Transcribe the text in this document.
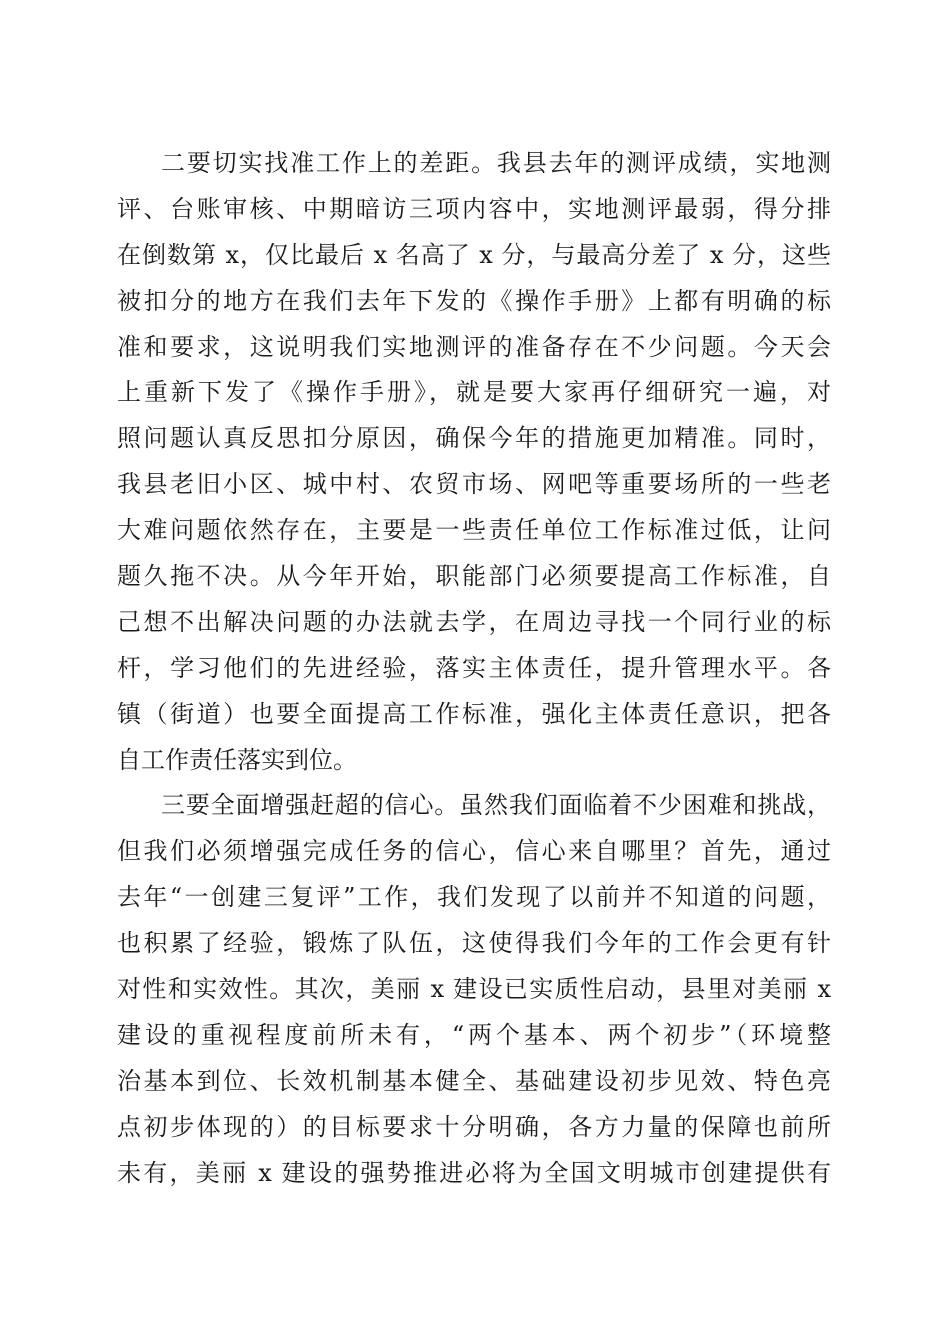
二要切实找准工作上的差距。我县去年的测评成绩，实地测
评、台账审核、中期暗访三项内容中，实地测评最弱，得分排
在倒数第 x，仅比最后 x 名高了 x 分，与最高分差了 x 分，这些
被扣分的地方在我们去年下发的《操作手册》上都有明确的标
准和要求，这说明我们实地测评的准备存在不少问题。今天会
上重新下发了《操作手册》，就是要大家再仔细研究一遍，对
照问题认真反思扣分原因，确保今年的措施更加精准。同时，
我县老旧小区、城中村、农贸市场、网吧等重要场所的一些老
大难问题依然存在，主要是一些责任单位工作标准过低，让问
题久拖不决。从今年开始，职能部门必须要提高工作标准，自
己想不出解决问题的办法就去学，在周边寻找一个同行业的标
杆，学习他们的先进经验，落实主体责任，提升管理水平。各
镇（街道）也要全面提高工作标准，强化主体责任意识，把各
自工作责任落实到位。
三要全面增强赶超的信心。虽然我们面临着不少困难和挑战，
但我们必须增强完成任务的信心，信心来自哪里？首先，通过
去年“一创建三复评”工作，我们发现了以前并不知道的问题，
也积累了经验，锻炼了队伍，这使得我们今年的工作会更有针
对性和实效性。其次，美丽 x 建设已实质性启动，县里对美丽 x
建设的重视程度前所未有，“两个基本、两个初步”（环境整
治基本到位、长效机制基本健全、基础建设初步见效、特色亮
点初步体现的）的目标要求十分明确，各方力量的保障也前所
未有，美丽 x 建设的强势推进必将为全国文明城市创建提供有
